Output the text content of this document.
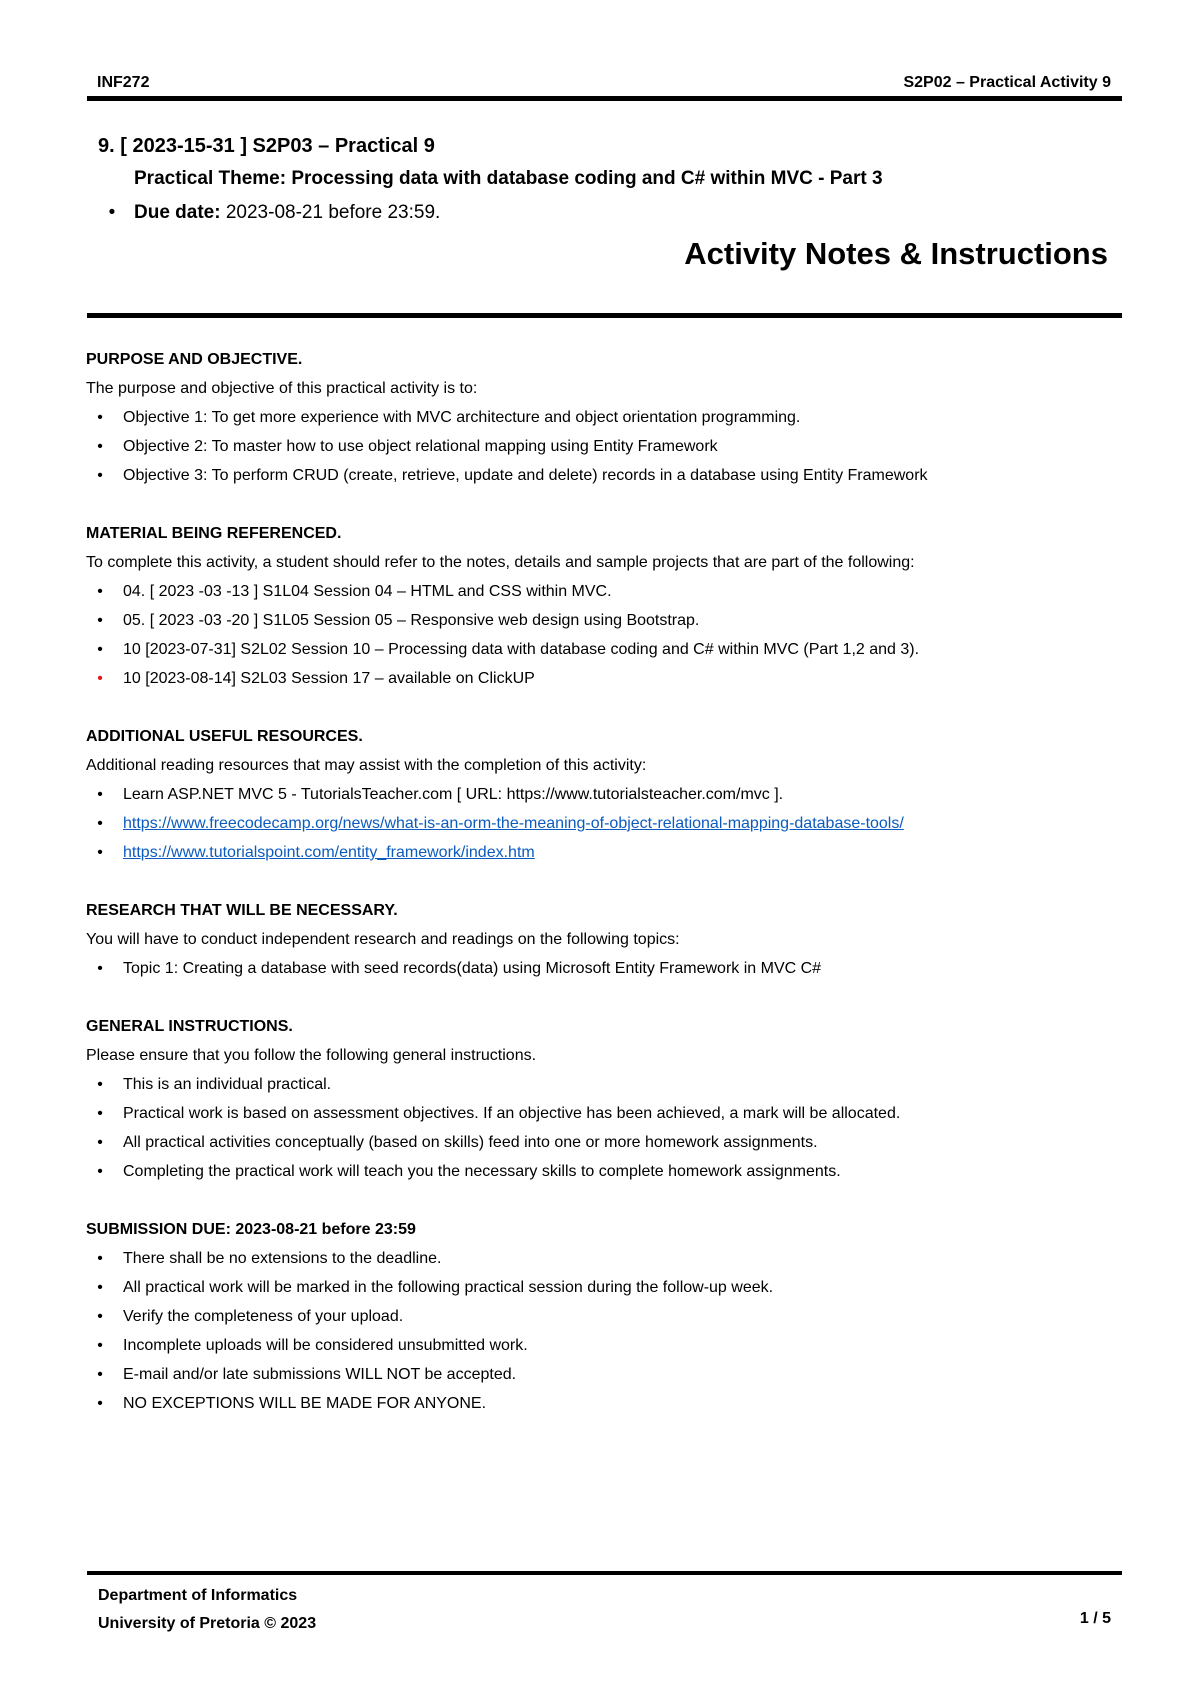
INF272	S2P02 – Practical Activity 9
9. [ 2023-15-31 ] S2P03 – Practical 9
Practical Theme: Processing data with database coding and C# within MVC - Part 3
• Due date: 2023-08-21 before 23:59.
Activity Notes & Instructions
PURPOSE AND OBJECTIVE.
The purpose and objective of this practical activity is to:
•	Objective 1: To get more experience with MVC architecture and object orientation programming.
•	Objective 2: To master how to use object relational mapping using Entity Framework
•	Objective 3: To perform CRUD (create, retrieve, update and delete) records in a database using Entity Framework
MATERIAL BEING REFERENCED.
To complete this activity, a student should refer to the notes, details and sample projects that are part of the following:
•	04. [ 2023 -03 -13 ] S1L04 Session 04 – HTML and CSS within MVC.
•	05. [ 2023 -03 -20 ] S1L05 Session 05 – Responsive web design using Bootstrap.
•	10 [2023-07-31] S2L02 Session 10 – Processing data with database coding and C# within MVC (Part 1,2 and 3).
•	10 [2023-08-14] S2L03 Session 17 – available on ClickUP
ADDITIONAL USEFUL RESOURCES.
Additional reading resources that may assist with the completion of this activity:
•	Learn ASP.NET MVC 5 - TutorialsTeacher.com [ URL: https://www.tutorialsteacher.com/mvc ].
•	https://www.freecodecamp.org/news/what-is-an-orm-the-meaning-of-object-relational-mapping-database-tools/
•	https://www.tutorialspoint.com/entity_framework/index.htm
RESEARCH THAT WILL BE NECESSARY.
You will have to conduct independent research and readings on the following topics:
•	Topic 1: Creating a database with seed records(data) using Microsoft Entity Framework in MVC C#
GENERAL INSTRUCTIONS.
Please ensure that you follow the following general instructions.
•	This is an individual practical.
•	Practical work is based on assessment objectives. If an objective has been achieved, a mark will be allocated.
•	All practical activities conceptually (based on skills) feed into one or more homework assignments.
•	Completing the practical work will teach you the necessary skills to complete homework assignments.
SUBMISSION DUE: 2023-08-21 before 23:59
•	There shall be no extensions to the deadline.
•	All practical work will be marked in the following practical session during the follow-up week.
•	Verify the completeness of your upload.
•	Incomplete uploads will be considered unsubmitted work.
•	E-mail and/or late submissions WILL NOT be accepted.
•	NO EXCEPTIONS WILL BE MADE FOR ANYONE.
Department of Informatics
University of Pretoria © 2023	1 / 5
